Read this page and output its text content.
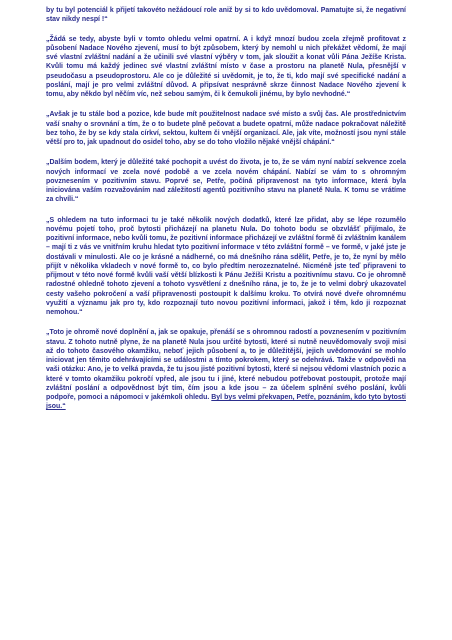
by tu byl potenciál k přijetí takovéto nežádoucí role aniž by si to kdo uvědomoval. Pamatujte si, že negativní stav nikdy nespí !“

„Žádá se tedy, abyste byli v tomto ohledu velmi opatrní. A i když mnozí budou zcela zřejmě profitovat z působení Nadace Nového zjevení, musí to být způsobem, který by nemohl u nich překážet vědomí, že mají své vlastní zvláštní nadání a že učinili své vlastní výběry v tom, jak sloužit a konat vůli Pána Ježíše Krista. Kvůli tomu má každý jedinec své vlastní zvláštní místo v čase a prostoru na planetě Nula, přesnější v pseudočasu a pseudoprostoru. Ale co je důležité si uvědomit, je to, že ti, kdo mají své specifické nadání a poslání, mají je pro velmi zvláštní důvod. A připsívat nesprávně skrze činnost Nadace Nového zjevení k tomu, aby někdo byl něčím víc, než sebou samým, či k čemukoli jinému, by bylo nevhodné.“

„Avšak je tu stále bod a pozice, kde bude mít použitelnost nadace své místo a svůj čas. Ale prostřednictvím vaší snahy o srovnání a tím, že o to budete plně pečovat a budete opatrní, může nadace pokračovat náležitě bez toho, že by se kdy stala církví, sektou, kultem či vnější organizací. Ale, jak víte, možností jsou nyní stále větší pro to, jak upadnout do osidel toho, aby se do toho vložilo nějaké vnější chápání.“

„Dalším bodem, který je důležité také pochopit a uvést do života, je to, že se vám nyní nabízí sekvence zcela nových informací ve zcela nové podobě a ve zcela novém chápání. Nabízí se vám to s ohromným povznesením v pozitivním stavu. Poprvé se, Petře, počíná připravenost na tyto informace, která byla iniciována vaším rozvažováním nad záležitostí agentů pozitivního stavu na planetě Nula. K tomu se vrátíme za chvíli.“

„S ohledem na tuto informaci tu je také několik nových dodatků, které lze přidat, aby se lépe rozumělo novému pojetí toho, proč bytosti přicházejí na planetu Nula. Do tohoto bodu se obzvlášť přijímalo, že pozitivní informace, nebo kvůli tomu, že pozitivní informace přicházejí ve zvláštní formě či zvláštním kanálem – mají ti z vás ve vnitřním kruhu hledat tyto pozitivní informace v této zvláštní formě – ve formě, v jaké jste je dostávali v minulosti. Ale co je krásné a nádherné, co má dnešního rána sdělit, Petře, je to, že nyní by mělo přijít v několika vkladech v nové formě to, co bylo předtím nerozeznatelné. Nicméně jste teď připraveni to přijmout v této nové formě kvůli vaší větší blízkosti k Pánu Ježíši Kristu a pozitivnímu stavu. Co je ohromně radostné ohledně tohoto zjevení a tohoto vysvětlení z dnešního rána, je to, že je to velmi dobrý ukazovatel cesty vašeho pokročení a vaší připravenosti postoupit k dalšímu kroku. To otvírá nové dveře ohromnému využití a významu jak pro ty, kdo rozpoznají tuto novou pozitivní informaci, jakož i těm, kdo ji rozpoznat nemohou.“

„Toto je ohromě nové doplnění a, jak se opakuje, přenáší se s ohromnou radostí a povznesením v pozitivním stavu. Z tohoto nutně plyne, že na planetě Nula jsou určité bytosti, které si nutně neuvědomovaly svoji misi až do tohoto časového okamžiku, neboť jejich působení a, to je důležitější, jejich uvědomování se mohlo iniciovat jen těmito odehrávajícími se událostmi a tímto pokrokem, který se odehrává. Takže v odpovědi na vaši otázku: Ano, je to velká pravda, že tu jsou jisté pozitivní bytosti, které si nejsou vědomi vlastních pozic a které v tomto okamžiku pokročí vpřed, ale jsou tu i jiné, které nebudou potřebovat postoupit, protože mají zvláštní poslání a odpovědnost být tím, čím jsou a kde jsou – za účelem splnění svého poslání, kvůli podpoře, pomoci a nápomoci v jakémkoli ohledu. Byl bys velmi překvapen, Petře, poznáním, kdo tyto bytosti jsou.“
